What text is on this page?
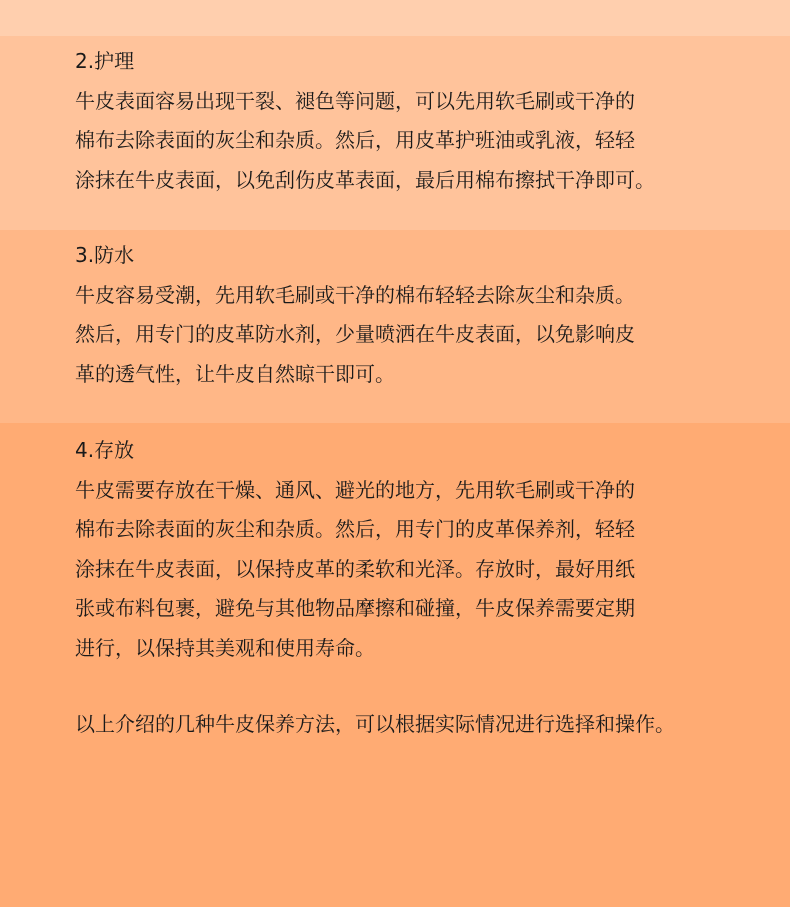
2.护理
牛皮表面容易出现干裂、褪色等问题，可以先用软毛刷或干净的
棉布去除表面的灰尘和杂质。然后，用皮革护班油或乳液，轻轻
涂抹在牛皮表面，以免刮伤皮革表面，最后用棉布擦拭干净即可。
3.防水
牛皮容易受潮，先用软毛刷或干净的棉布轻轻去除灰尘和杂质。
然后，用专门的皮革防水剂，少量喷洒在牛皮表面，以免影响皮
革的透气性，让牛皮自然晾干即可。
4.存放
牛皮需要存放在干燥、通风、避光的地方，先用软毛刷或干净的
棉布去除表面的灰尘和杂质。然后，用专门的皮革保养剂，轻轻
涂抹在牛皮表面，以保持皮革的柔软和光泽。存放时，最好用纸
张或布料包裹，避免与其他物品摩擦和碰撞，牛皮保养需要定期
进行，以保持其美观和使用寿命。
以上介绍的几种牛皮保养方法，可以根据实际情况进行选择和操作。
